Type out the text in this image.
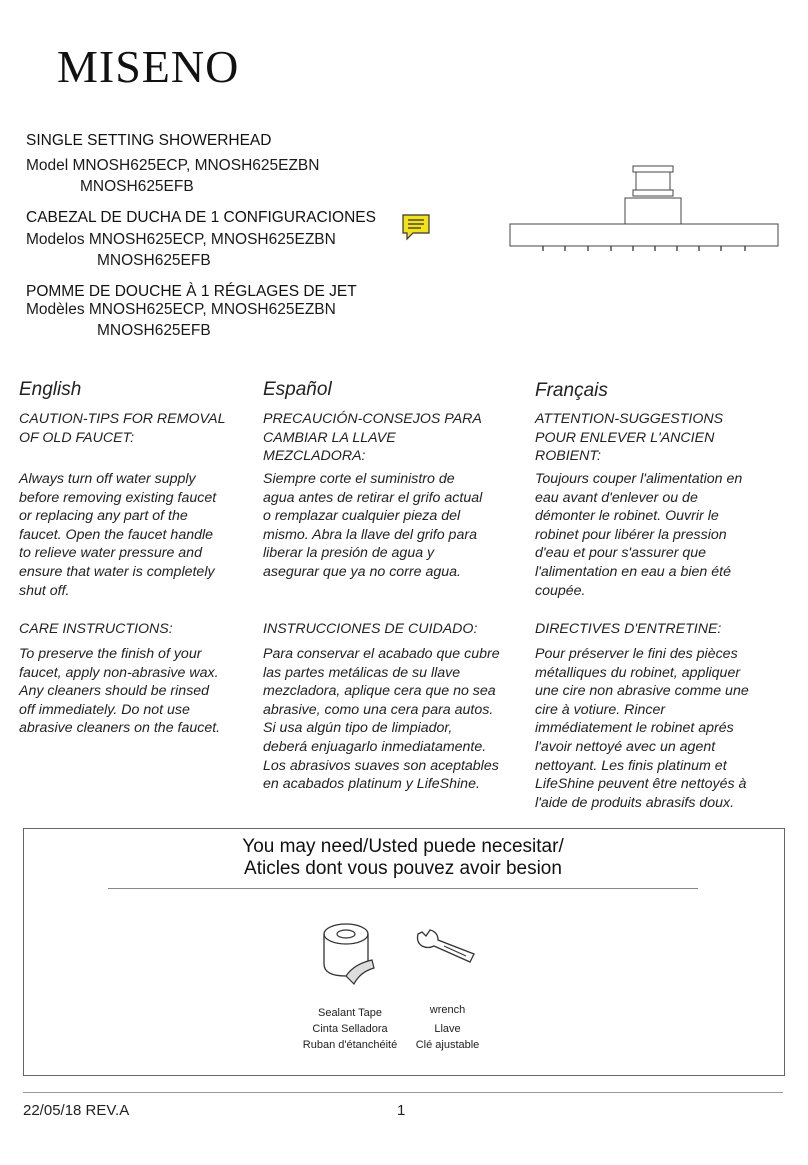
MISENO
SINGLE SETTING SHOWERHEAD
Model MNOSH625ECP, MNOSH625EZBN
MNOSH625EFB
CABEZAL DE DUCHA DE 1 CONFIGURACIONES
Modelos MNOSH625ECP, MNOSH625EZBN
MNOSH625EFB
POMME DE DOUCHE À 1 RÉGLAGES DE JET
Modèles MNOSH625ECP, MNOSH625EZBN
MNOSH625EFB
English
CAUTION-TIPS FOR REMOVAL
OF OLD FAUCET:
Always turn off water supply
before removing existing faucet
or replacing any part of the
faucet. Open the faucet handle
to relieve water pressure and
ensure that water is completely
shut off.
CARE INSTRUCTIONS:
To preserve the finish of your
faucet, apply non-abrasive wax.
Any cleaners should be rinsed
off immediately. Do not use
abrasive cleaners on the faucet.
Español
PRECAUCIÓN-CONSEJOS PARA
CAMBIAR LA LLAVE
MEZCLADORA:
Siempre corte el suministro de
agua antes de retirar el grifo actual
o remplazar cualquier pieza del
mismo. Abra la llave del grifo para
liberar la presión de agua y
asegurar que ya no corre agua.
INSTRUCCIONES DE CUIDADO:
Para conservar el acabado que cubre
las partes metálicas de su llave
mezcladora, aplique cera que no sea
abrasive, como una cera para autos.
Si usa algún tipo de limpiador,
deberá enjuagarlo inmediatamente.
Los abrasivos suaves son aceptables
en acabados platinum y LifeShine.
Français
ATTENTION-SUGGESTIONS
POUR ENLEVER L'ANCIEN
ROBIENT:
Toujours couper l'alimentation en
eau avant d'enlever ou de
démonter le robinet. Ouvrir le
robinet pour libérer la pression
d'eau et pour s'assurer que
l'alimentation en eau a bien été
coupée.
DIRECTIVES D'ENTRETINE:
Pour préserver le fini des pièces
métalliques du robinet, appliquer
une cire non abrasive comme une
cire à votiure. Rincer
immédiatement le robinet aprés
l'avoir nettoyé avec un agent
nettoyant. Les finis platinum et
LifeShine peuvent être nettoyés à
l'aide de produits abrasifs doux.
You may need/Usted puede necesitar/
Aticles dont vous pouvez avoir besion
Sealant Tape
Cinta Selladora
Ruban d'étanchéité
wrench
Llave
Clé ajustable
22/05/18 REV.A	1
